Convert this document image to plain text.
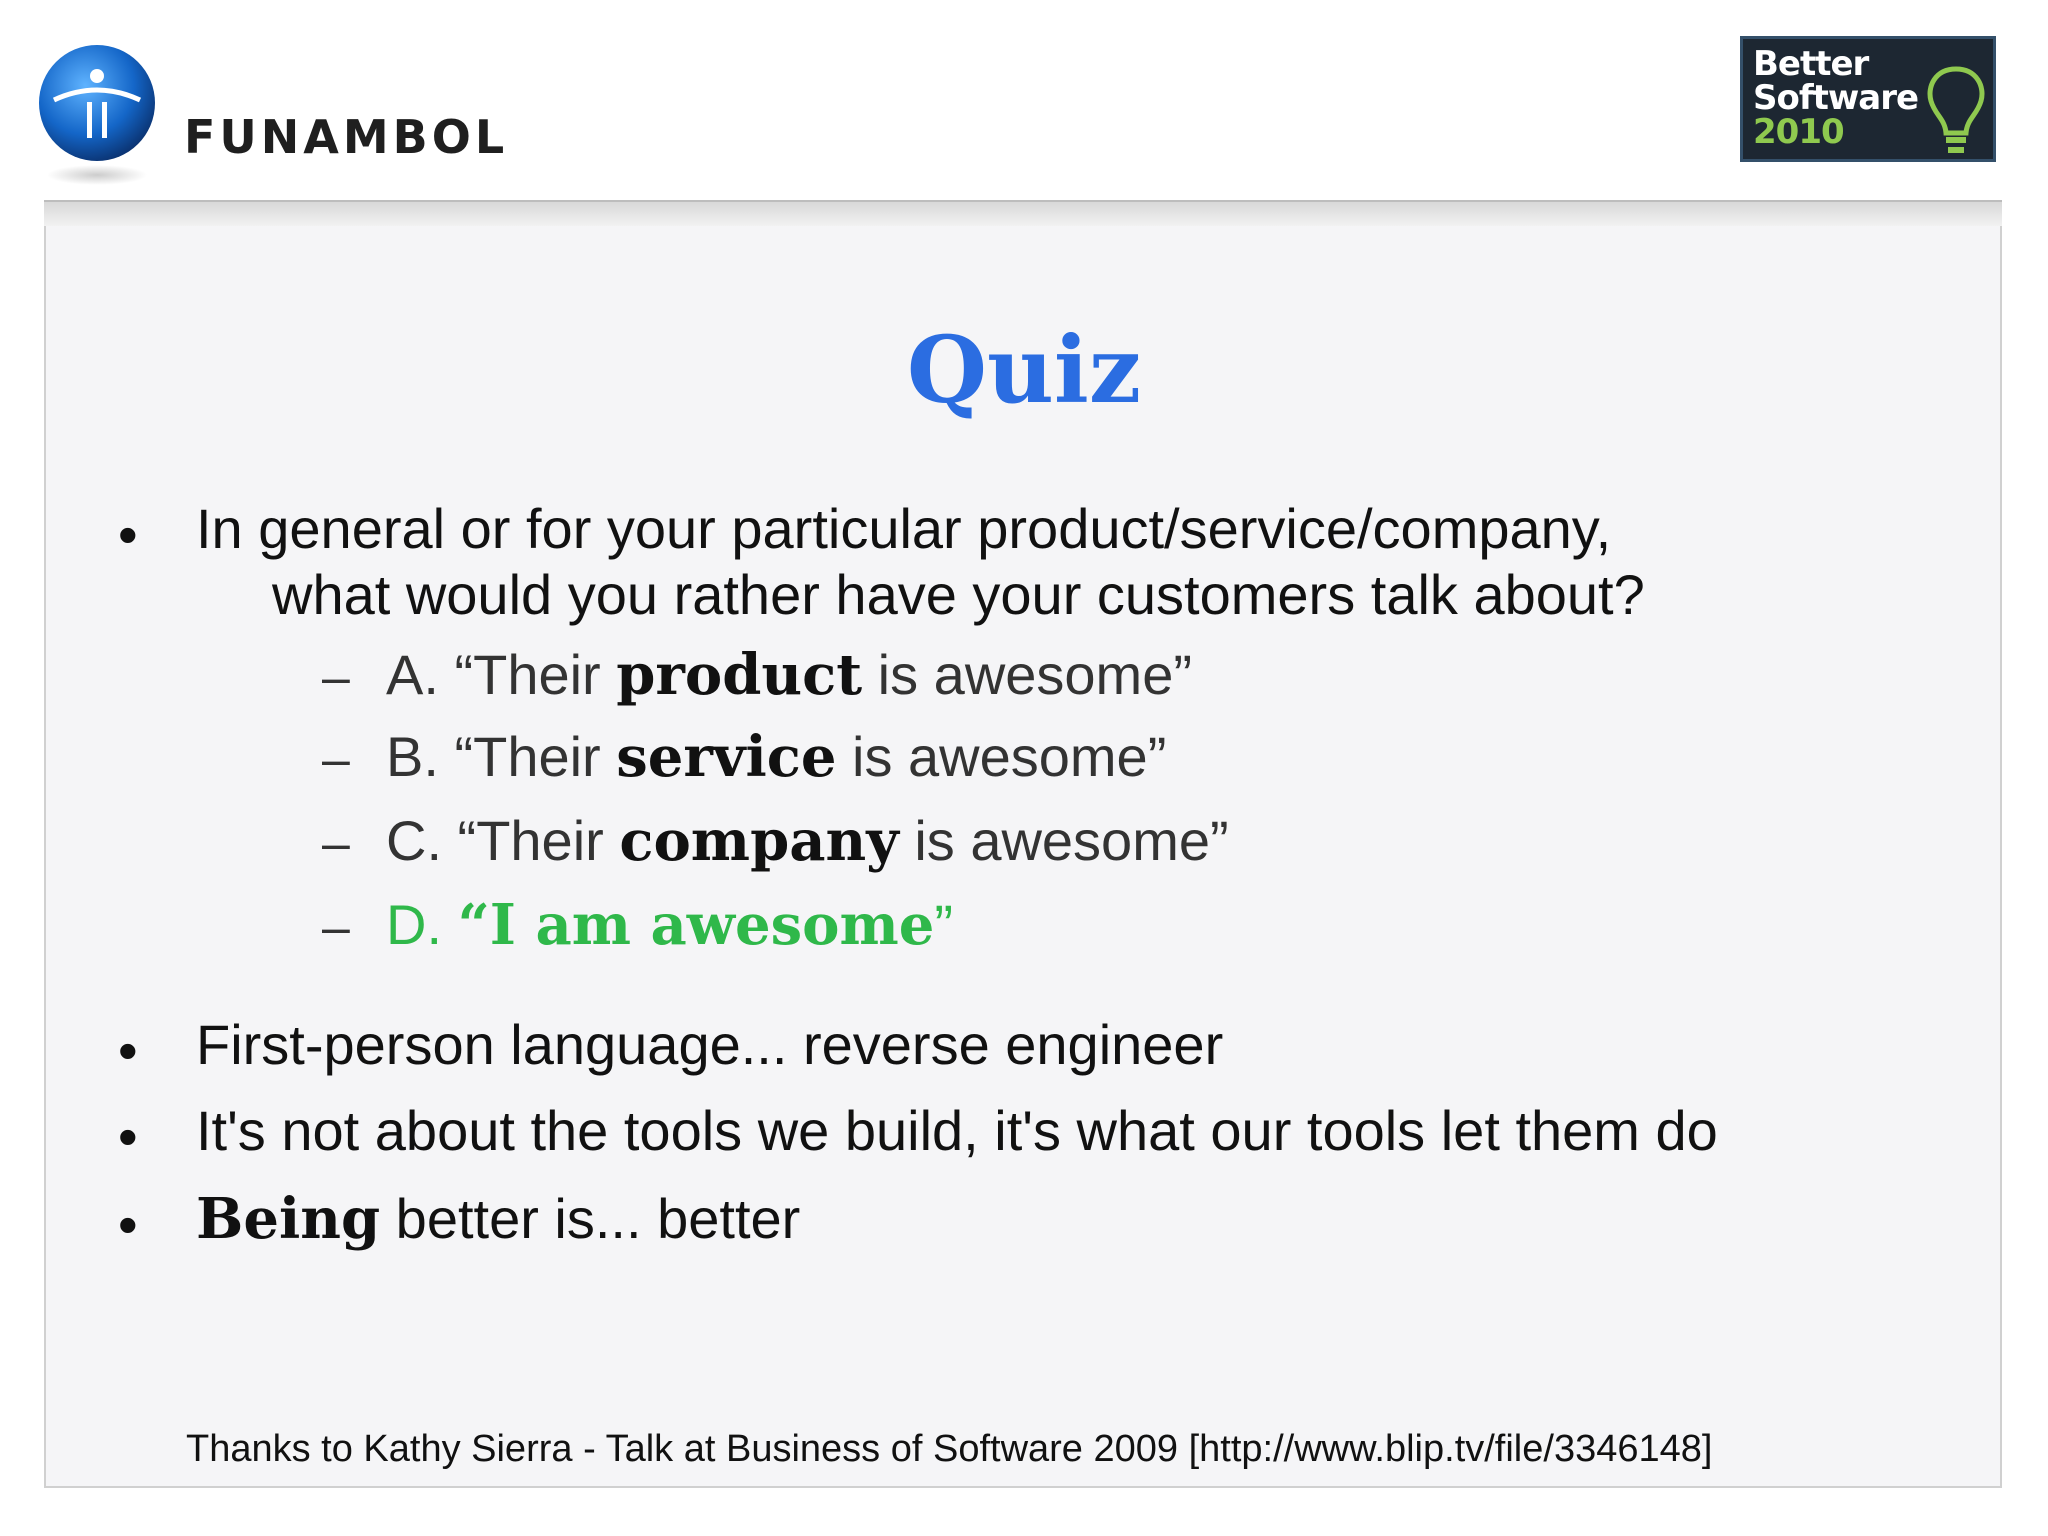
FUNAMBOL
Better
Software
2010
Quiz
• In general or for your particular product/service/company,
what would you rather have your customers talk about?
– A. “Their product is awesome”
– B. “Their service is awesome”
– C. “Their company is awesome”
– D. “I am awesome”
• First-person language... reverse engineer
• It's not about the tools we build, it's what our tools let them do
• Being better is... better
Thanks to Kathy Sierra - Talk at Business of Software 2009 [http://www.blip.tv/file/3346148]
